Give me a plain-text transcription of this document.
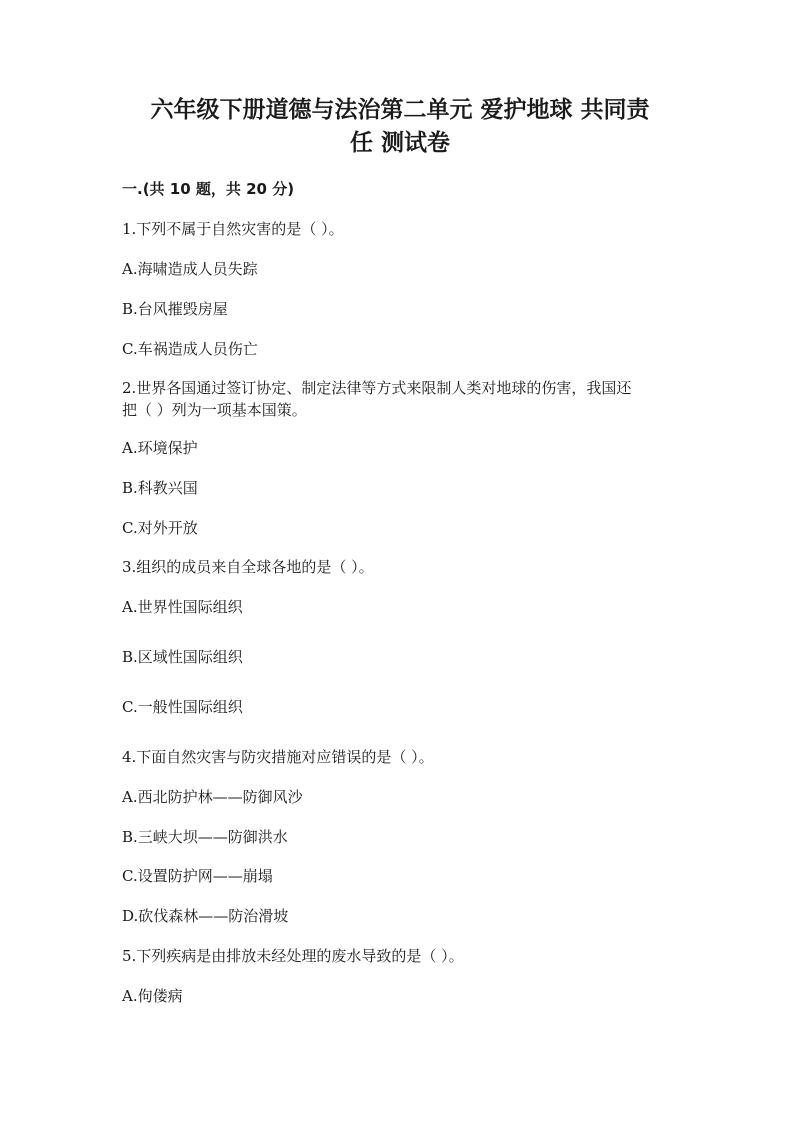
六年级下册道德与法治第二单元 爱护地球 共同责
任 测试卷
一.(共 10 题，共 20 分)
1.下列不属于自然灾害的是（ ）。
A.海啸造成人员失踪
B.台风摧毁房屋
C.车祸造成人员伤亡
2.世界各国通过签订协定、制定法律等方式来限制人类对地球的伤害，我国还
把（ ）列为一项基本国策。
A.环境保护
B.科教兴国
C.对外开放
3.组织的成员来自全球各地的是（ ）。
A.世界性国际组织
B.区域性国际组织
C.一般性国际组织
4.下面自然灾害与防灾措施对应错误的是（ ）。
A.西北防护林——防御风沙
B.三峡大坝——防御洪水
C.设置防护网——崩塌
D.砍伐森林——防治滑坡
5.下列疾病是由排放未经处理的废水导致的是（ ）。
A.佝偻病
